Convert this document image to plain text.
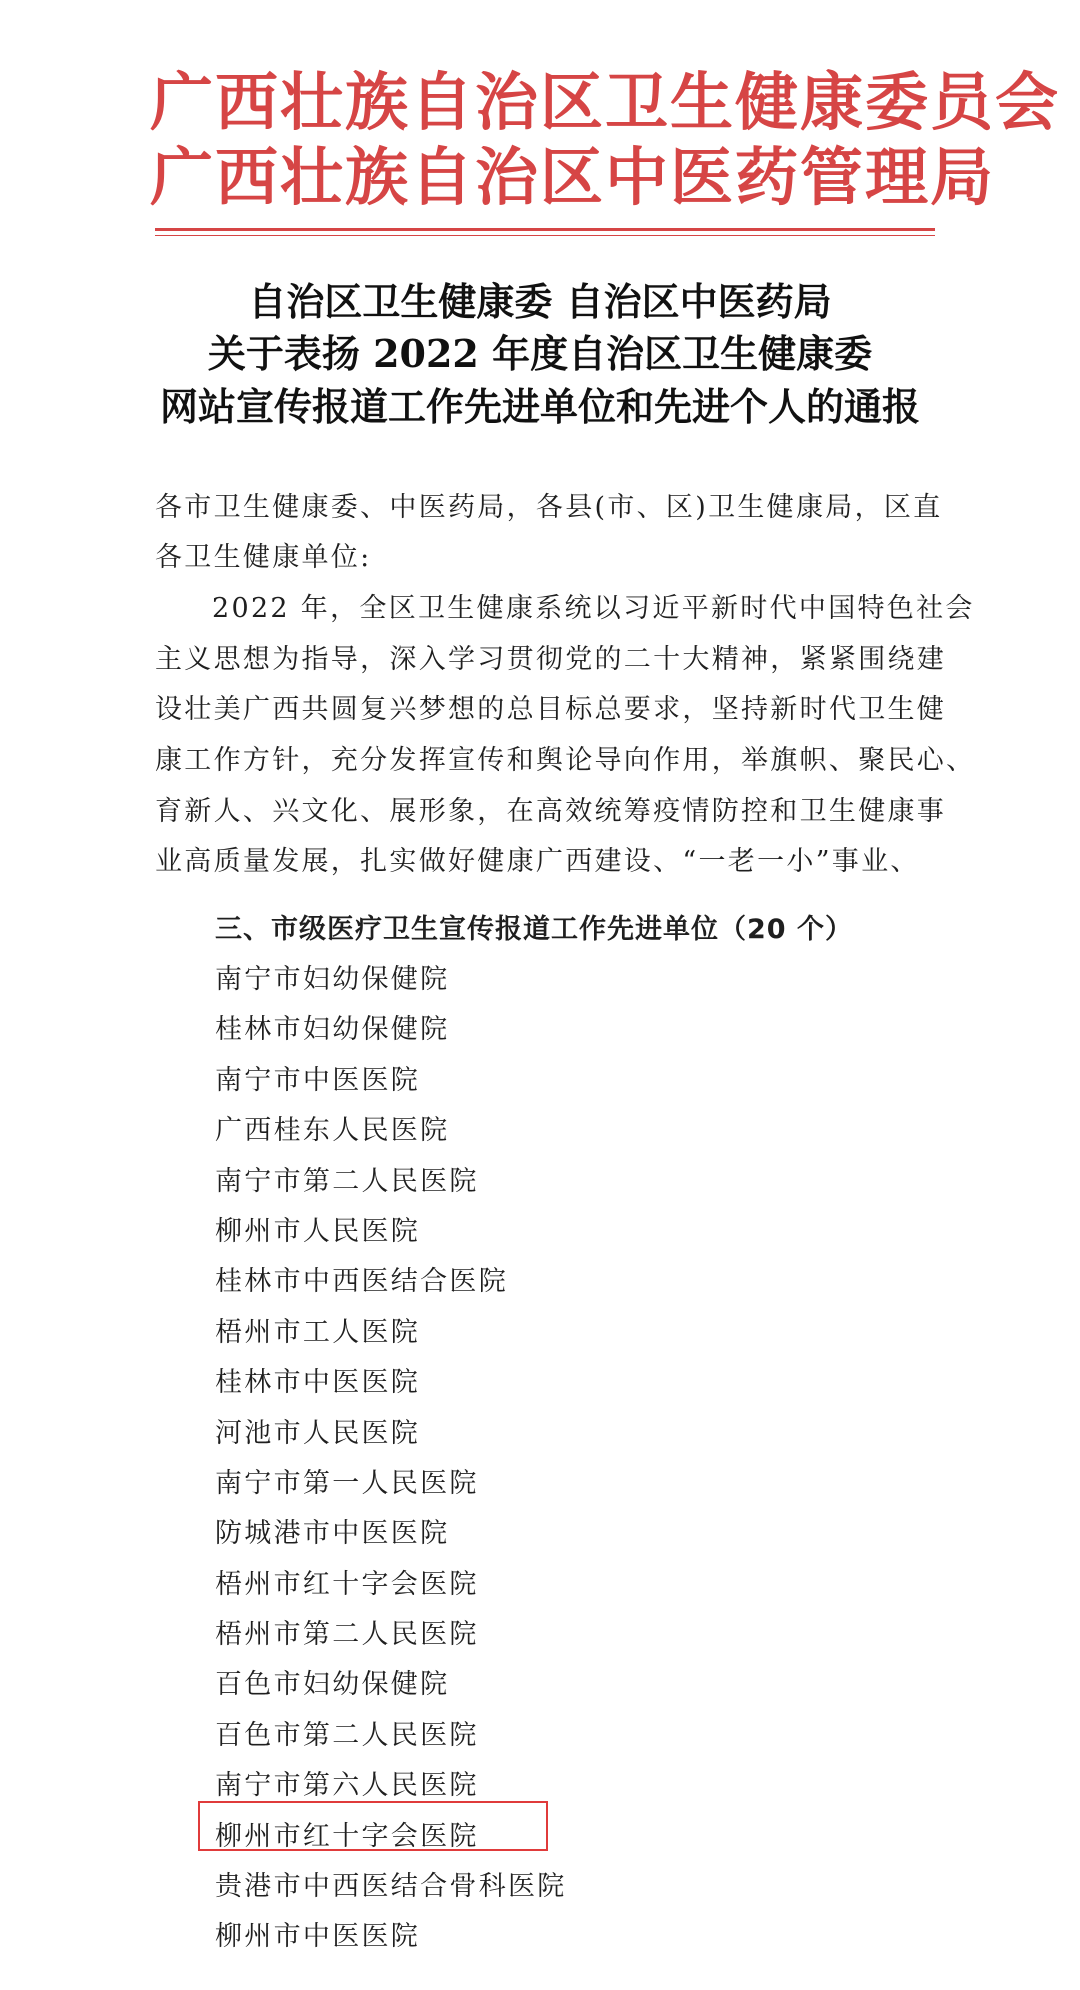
广西壮族自治区卫生健康委员会
广西壮族自治区中医药管理局
自治区卫生健康委 自治区中医药局
关于表扬 2022 年度自治区卫生健康委
网站宣传报道工作先进单位和先进个人的通报
各市卫生健康委、中医药局，各县(市、区)卫生健康局，区直
各卫生健康单位:
2022 年，全区卫生健康系统以习近平新时代中国特色社会
主义思想为指导，深入学习贯彻党的二十大精神，紧紧围绕建
设壮美广西共圆复兴梦想的总目标总要求，坚持新时代卫生健
康工作方针，充分发挥宣传和舆论导向作用，举旗帜、聚民心、
育新人、兴文化、展形象，在高效统筹疫情防控和卫生健康事
业高质量发展，扎实做好健康广西建设、“一老一小”事业、
三、市级医疗卫生宣传报道工作先进单位（20 个）
南宁市妇幼保健院
桂林市妇幼保健院
南宁市中医医院
广西桂东人民医院
南宁市第二人民医院
柳州市人民医院
桂林市中西医结合医院
梧州市工人医院
桂林市中医医院
河池市人民医院
南宁市第一人民医院
防城港市中医医院
梧州市红十字会医院
梧州市第二人民医院
百色市妇幼保健院
百色市第二人民医院
南宁市第六人民医院
柳州市红十字会医院
贵港市中西医结合骨科医院
柳州市中医医院
